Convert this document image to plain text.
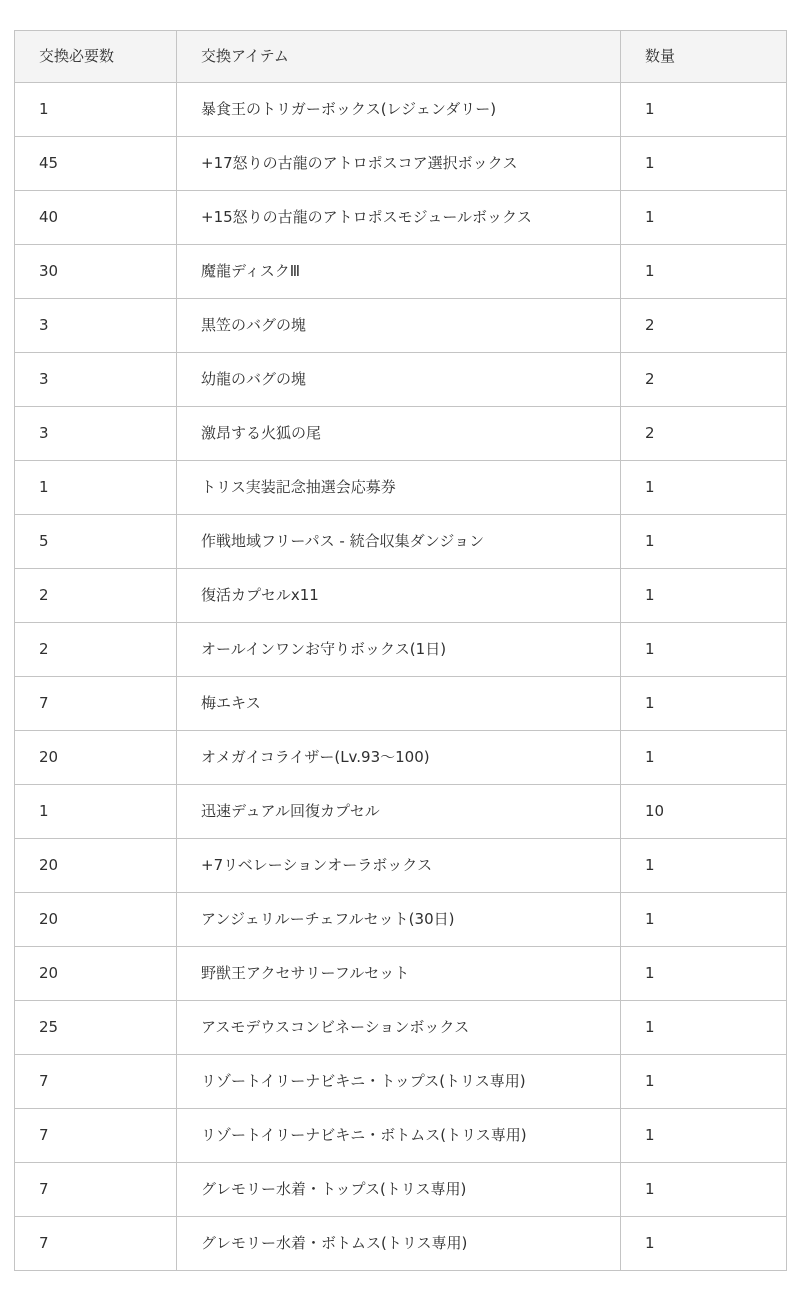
交換必要数	交換アイテム	数量
1	暴食王のトリガーボックス(レジェンダリー)	1
45	+17怒りの古龍のアトロポスコア選択ボックス	1
40	+15怒りの古龍のアトロポスモジュールボックス	1
30	魔龍ディスクⅢ	1
3	黒笠のバグの塊	2
3	幼龍のバグの塊	2
3	激昂する火狐の尾	2
1	トリス実装記念抽選会応募券	1
5	作戦地域フリーパス - 統合収集ダンジョン	1
2	復活カプセルx11	1
2	オールインワンお守りボックス(1日)	1
7	梅エキス	1
20	オメガイコライザー(Lv.93〜100)	1
1	迅速デュアル回復カプセル	10
20	+7リベレーションオーラボックス	1
20	アンジェリルーチェフルセット(30日)	1
20	野獣王アクセサリーフルセット	1
25	アスモデウスコンビネーションボックス	1
7	リゾートイリーナビキニ・トップス(トリス専用)	1
7	リゾートイリーナビキニ・ボトムス(トリス専用)	1
7	グレモリー水着・トップス(トリス専用)	1
7	グレモリー水着・ボトムス(トリス専用)	1
